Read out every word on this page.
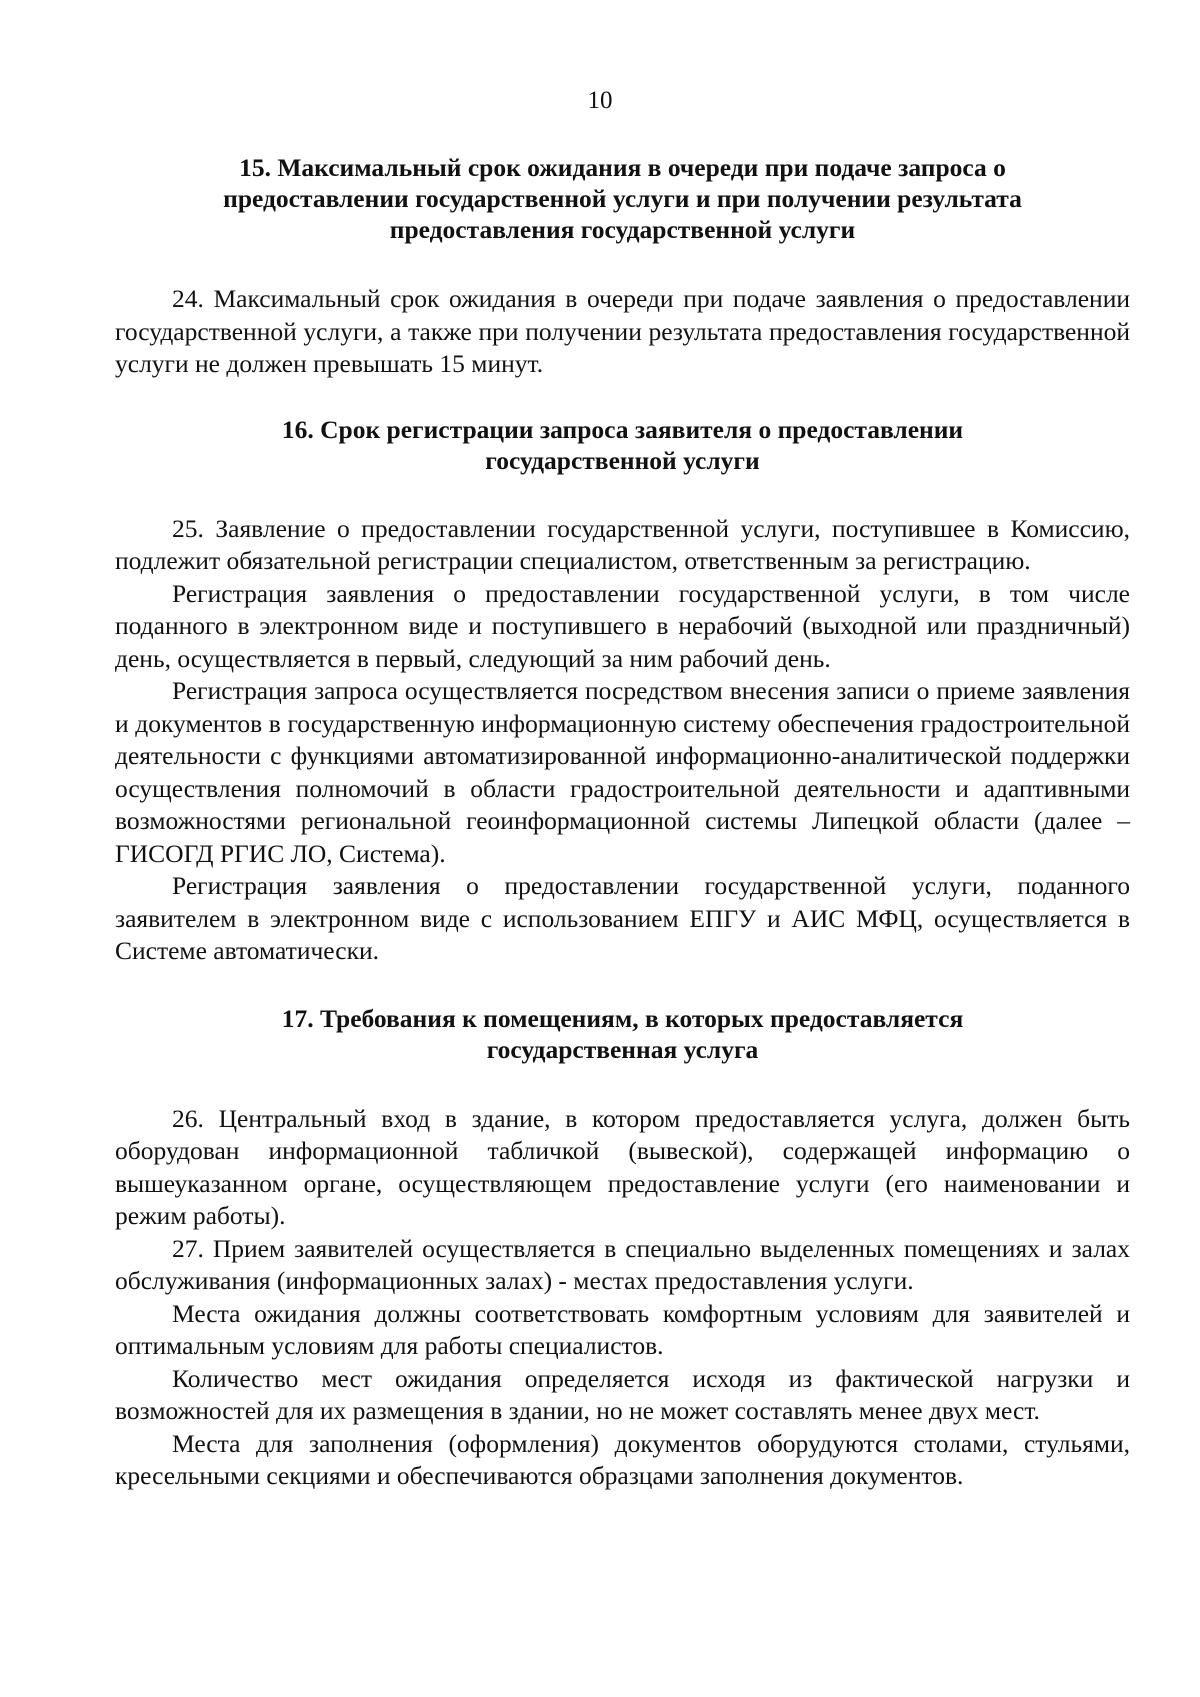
10
15. Максимальный срок ожидания в очереди при подаче запроса о
предоставлении государственной услуги и при получении результата
предоставления государственной услуги

24. Максимальный срок ожидания в очереди при подаче заявления о предоставлении государственной услуги, а также при получении результата предоставления государственной услуги не должен превышать 15 минут.

16. Срок регистрации запроса заявителя о предоставлении
государственной услуги

25. Заявление о предоставлении государственной услуги, поступившее в Комиссию, подлежит обязательной регистрации специалистом, ответственным за регистрацию.

Регистрация заявления о предоставлении государственной услуги, в том числе поданного в электронном виде и поступившего в нерабочий (выходной или праздничный) день, осуществляется в первый, следующий за ним рабочий день.

Регистрация запроса осуществляется посредством внесения записи о приеме заявления и документов в государственную информационную систему обеспечения градостроительной деятельности с функциями автоматизированной информационно-аналитической поддержки осуществления полномочий в области градостроительной деятельности и адаптивными возможностями региональной геоинформационной системы Липецкой области (далее – ГИСОГД РГИС ЛО, Система).

Регистрация заявления о предоставлении государственной услуги, поданного заявителем в электронном виде с использованием ЕПГУ и АИС МФЦ, осуществляется в Системе автоматически.

17. Требования к помещениям, в которых предоставляется
государственная услуга

26. Центральный вход в здание, в котором предоставляется услуга, должен быть оборудован информационной табличкой (вывеской), содержащей информацию о вышеуказанном органе, осуществляющем предоставление услуги (его наименовании и режим работы).

27. Прием заявителей осуществляется в специально выделенных помещениях и залах обслуживания (информационных залах) - местах предоставления услуги.

Места ожидания должны соответствовать комфортным условиям для заявителей и оптимальным условиям для работы специалистов.

Количество мест ожидания определяется исходя из фактической нагрузки и возможностей для их размещения в здании, но не может составлять менее двух мест.

Места для заполнения (оформления) документов оборудуются столами, стульями, кресельными секциями и обеспечиваются образцами заполнения документов.
